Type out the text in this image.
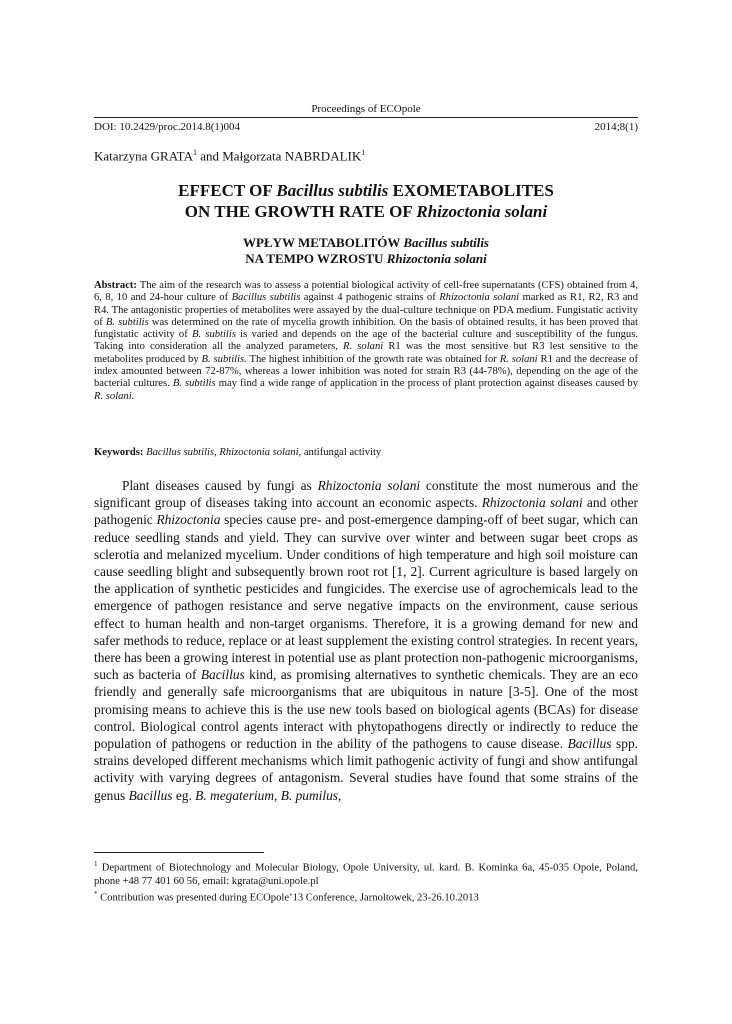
Proceedings of ECOpole
DOI: 10.2429/proc.2014.8(1)004	2014;8(1)
Katarzyna GRATA$^1$ and Małgorzata NABRDALIK$^1$
EFFECT OF Bacillus subtilis EXOMETABOLITES
ON THE GROWTH RATE OF Rhizoctonia solani
WPŁYW METABOLITÓW Bacillus subtilis
NA TEMPO WZROSTU Rhizoctonia solani
Abstract: The aim of the research was to assess a potential biological activity of cell-free supernatants (CFS) obtained from 4, 6, 8, 10 and 24-hour culture of Bacillus subtilis against 4 pathogenic strains of Rhizoctonia solani marked as R1, R2, R3 and R4. The antagonistic properties of metabolites were assayed by the dual-culture technique on PDA medium. Fungistatic activity of B. subtilis was determined on the rate of mycelia growth inhibition. On the basis of obtained results, it has been proved that fungistatic activity of B. subtilis is varied and depends on the age of the bacterial culture and susceptibility of the fungus. Taking into consideration all the analyzed parameters, R. solani R1 was the most sensitive but R3 lest sensitive to the metabolites produced by B. subtilis. The highest inhibition of the growth rate was obtained for R. solani R1 and the decrease of index amounted between 72-87%, whereas a lower inhibition was noted for strain R3 (44-78%), depending on the age of the bacterial cultures. B. subtilis may find a wide range of application in the process of plant protection against diseases caused by R. solani.
Keywords: Bacillus subtilis, Rhizoctonia solani, antifungal activity
Plant diseases caused by fungi as Rhizoctonia solani constitute the most numerous and the significant group of diseases taking into account an economic aspects. Rhizoctonia solani and other pathogenic Rhizoctonia species cause pre- and post-emergence damping-off of beet sugar, which can reduce seedling stands and yield. They can survive over winter and between sugar beet crops as sclerotia and melanized mycelium. Under conditions of high temperature and high soil moisture can cause seedling blight and subsequently brown root rot [1, 2]. Current agriculture is based largely on the application of synthetic pesticides and fungicides. The exercise use of agrochemicals lead to the emergence of pathogen resistance and serve negative impacts on the environment, cause serious effect to human health and non-target organisms. Therefore, it is a growing demand for new and safer methods to reduce, replace or at least supplement the existing control strategies. In recent years, there has been a growing interest in potential use as plant protection non-pathogenic microorganisms, such as bacteria of Bacillus kind, as promising alternatives to synthetic chemicals. They are an eco friendly and generally safe microorganisms that are ubiquitous in nature [3-5]. One of the most promising means to achieve this is the use new tools based on biological agents (BCAs) for disease control. Biological control agents interact with phytopathogens directly or indirectly to reduce the population of pathogens or reduction in the ability of the pathogens to cause disease. Bacillus spp. strains developed different mechanisms which limit pathogenic activity of fungi and show antifungal activity with varying degrees of antagonism. Several studies have found that some strains of the genus Bacillus eg. B. megaterium, B. pumilus,
$^1$ Department of Biotechnology and Molecular Biology, Opole University, ul. kard. B. Kominka 6a, 45-035 Opole, Poland, phone +48 77 401 60 56, email: kgrata@uni.opole.pl
* Contribution was presented during ECOpole’13 Conference, Jarnoltowek, 23-26.10.2013
